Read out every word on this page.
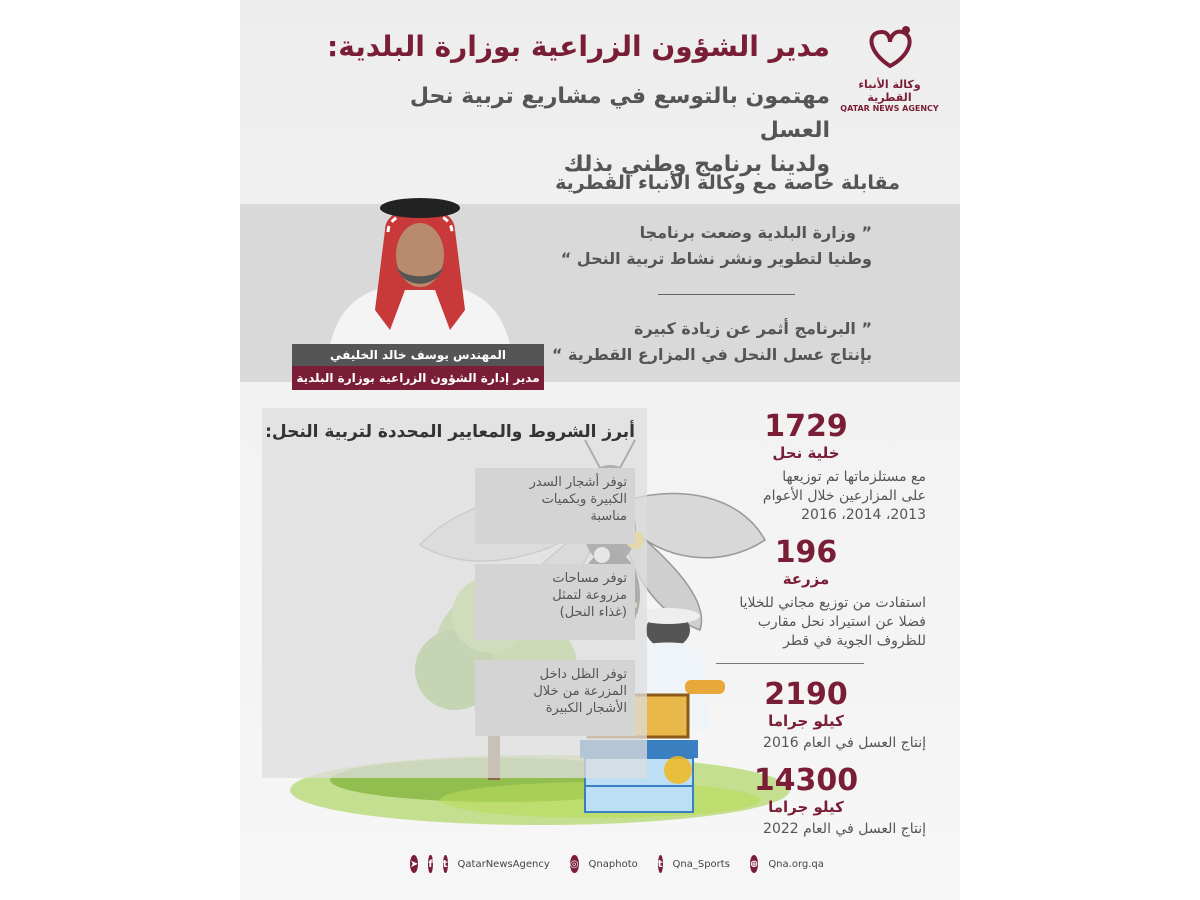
مدير الشؤون الزراعية بوزارة البلدية:
مهتمون بالتوسع في مشاريع تربية نحل العسل
ولدينا برنامج وطني بذلك
وكالة الأنباء القطرية
QATAR NEWS AGENCY
مقابلة خاصة مع وكالة الأنباء القطرية
” وزارة البلدية وضعت برنامجا
وطنيا لتطوير ونشر نشاط تربية النحل “
” البرنامج أثمر عن زيادة كبيرة
بإنتاج عسل النحل في المزارع القطرية “
المهندس يوسف خالد الخليفي
مدير إدارة الشؤون الزراعية بوزارة البلدية
أبرز الشروط والمعايير المحددة لتربية النحل:
توفر أشجار السدر
الكبيرة وبكميات
مناسبة
توفر مساحات
مزروعة لتمثل
(غذاء النحل)
توفر الظل داخل
المزرعة من خلال
الأشجار الكبيرة
1729
خلية نحل
مع مستلزماتها تم توزيعها
على المزارعين خلال الأعوام
2013، 2014، 2016
196
مزرعة
استفادت من توزيع مجاني للخلايا
فضلا عن استيراد نحل مقارب
للظروف الجوية في قطر
2190
كيلو جراما
إنتاج العسل في العام 2016
14300
كيلو جراما
إنتاج العسل في العام 2022
➤ f t QatarNewsAgency ◎ Qnaphoto t Qna_Sports ⊕ Qna.org.qa
